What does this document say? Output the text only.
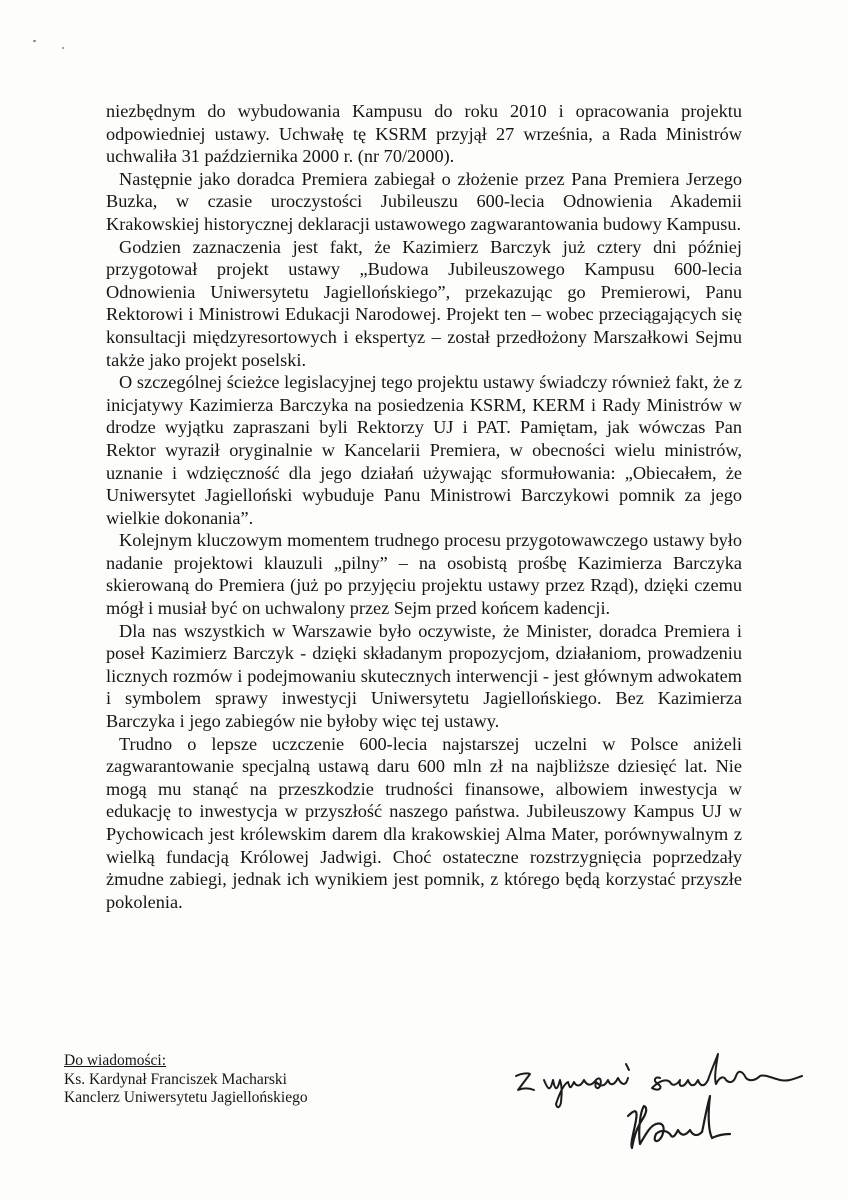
niezbędnym do wybudowania Kampusu do roku 2010 i opracowania projektu odpowiedniej ustawy. Uchwałę tę KSRM przyjął 27 września, a Rada Ministrów uchwaliła 31 października 2000 r. (nr 70/2000).

Następnie jako doradca Premiera zabiegał o złożenie przez Pana Premiera Jerzego Buzka, w czasie uroczystości Jubileuszu 600-lecia Odnowienia Akademii Krakowskiej historycznej deklaracji ustawowego zagwarantowania budowy Kampusu.

Godzien zaznaczenia jest fakt, że Kazimierz Barczyk już cztery dni później przygotował projekt ustawy „Budowa Jubileuszowego Kampusu 600-lecia Odnowienia Uniwersytetu Jagiellońskiego”, przekazując go Premierowi, Panu Rektorowi i Ministrowi Edukacji Narodowej. Projekt ten – wobec przeciągających się konsultacji międzyresortowych i ekspertyz – został przedłożony Marszałkowi Sejmu także jako projekt poselski.

O szczególnej ścieżce legislacyjnej tego projektu ustawy świadczy również fakt, że z inicjatywy Kazimierza Barczyka na posiedzenia KSRM, KERM i Rady Ministrów w drodze wyjątku zapraszani byli Rektorzy UJ i PAT. Pamiętam, jak wówczas Pan Rektor wyraził oryginalnie w Kancelarii Premiera, w obecności wielu ministrów, uznanie i wdzięczność dla jego działań używając sformułowania: „Obiecałem, że Uniwersytet Jagielloński wybuduje Panu Ministrowi Barczykowi pomnik za jego wielkie dokonania”.

Kolejnym kluczowym momentem trudnego procesu przygotowawczego ustawy było nadanie projektowi klauzuli „pilny” – na osobistą prośbę Kazimierza Barczyka skierowaną do Premiera (już po przyjęciu projektu ustawy przez Rząd), dzięki czemu mógł i musiał być on uchwalony przez Sejm przed końcem kadencji.

Dla nas wszystkich w Warszawie było oczywiste, że Minister, doradca Premiera i poseł Kazimierz Barczyk - dzięki składanym propozycjom, działaniom, prowadzeniu licznych rozmów i podejmowaniu skutecznych interwencji - jest głównym adwokatem i symbolem sprawy inwestycji Uniwersytetu Jagiellońskiego. Bez Kazimierza Barczyka i jego zabiegów nie byłoby więc tej ustawy.

Trudno o lepsze uczczenie 600-lecia najstarszej uczelni w Polsce aniżeli zagwarantowanie specjalną ustawą daru 600 mln zł na najbliższe dziesięć lat. Nie mogą mu stanąć na przeszkodzie trudności finansowe, albowiem inwestycja w edukację to inwestycja w przyszłość naszego państwa. Jubileuszowy Kampus UJ w Pychowicach jest królewskim darem dla krakowskiej Alma Mater, porównywalnym z wielką fundacją Królowej Jadwigi. Choć ostateczne rozstrzygnięcia poprzedzały żmudne zabiegi, jednak ich wynikiem jest pomnik, z którego będą korzystać przyszłe pokolenia.

Do wiadomości:
Ks. Kardynał Franciszek Macharski
Kanclerz Uniwersytetu Jagiellońskiego
